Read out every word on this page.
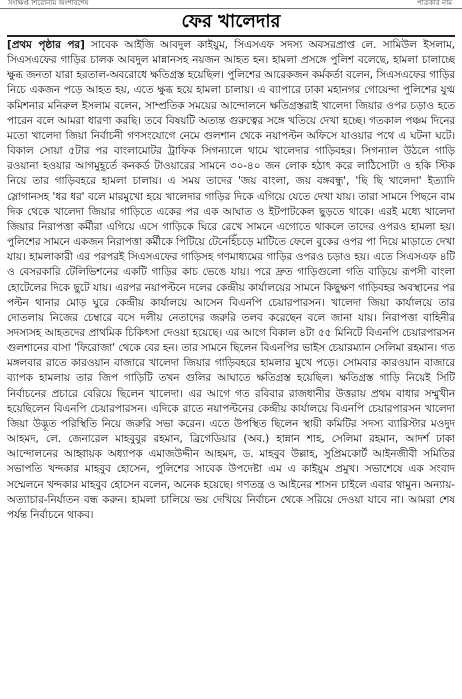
সংক্ষিপ্ত শিরোনাম অংশবিশেষ	পত্রিকার নাম
ফের খালেদার

[প্রথম পৃষ্ঠার পর] সাবেক আইজি আবদুল কাইয়ুম, সিএসএফ সদস্য অবসরপ্রাপ্ত লে. সামিউল ইসলাম, সিএসএফের গাড়ির চালক আবদুল মান্নানসহ নয়জন আহত হন। হামলা প্রসঙ্গে পুলিশ বলেছে, হামলা চালাচ্ছে ক্ষুব্ধ জনতা যারা হরতাল-অবরোধে ক্ষতিগ্রস্ত হয়েছিল। পুলিশের আরেকজন কর্মকর্তা বলেন, সিএসএফের গাড়ির নিচে একজন পড়ে আহত হয়, এতে ক্ষুব্ধ হয়ে হামলা চালায়। এ ব্যাপারে ঢাকা মহানগর গোয়েন্দা পুলিশের যুগ্ম কমিশনার মনিরুল ইসলাম বলেন, সাম্প্রতিক সময়ের আন্দোলনে ক্ষতিগ্রস্তরাই খালেদা জিয়ার ওপর চড়াও হতে পারেন বলে আমরা ধারণা করছি। তবে বিষয়টি অত্যন্ত গুরুত্বের সঙ্গে খতিয়ে দেখা হচ্ছে। গতকাল পঞ্চম দিনের মতো খালেদা জিয়া নির্বাচনী গণসংযোগে নেমে গুলশান থেকে নয়াপল্টন অফিসে যাওয়ার পথে এ ঘটনা ঘটে। বিকাল সোয়া ৫টার পর বাংলামোটর ট্রাফিক সিগন্যালে থামে খালেদার গাড়িবহর। সিগন্যাল উঠলে গাড়ি রওয়ানা হওয়ার আগমুহূর্তে কনকর্ড টাওয়ারের সামনে ৩০-৪০ জন লোক হঠাৎ করে লাঠিসোটা ও হকি স্টিক নিয়ে তার গাড়িবহরে হামলা চালায়। এ সময় তাদের 'জয় বাংলা, জয় বঙ্গবন্ধু', 'ছি ছি খালেদা' ইত্যাদি স্লোগানসহ 'ধর ধর' বলে মারমুখো হয়ে খালেদার গাড়ির দিকে এগিয়ে যেতে দেখা যায়। তারা সামনে পিছনে বাম দিক থেকে খালেদা জিয়ার গাড়িতে একের পর এক আঘাত ও ইটপাটকেল ছুড়তে থাকে। এরই মধ্যে খালেদা জিয়ার নিরাপত্তা কর্মীরা এগিয়ে এসে গাড়িকে ঘিরে রেখে সামনে এগোতে থাকলে তাদের ওপরও হামলা হয়। পুলিশের সামনে একজন নিরাপত্তা কর্মীকে পিটিয়ে টেনেহিঁচড়ে মাটিতে ফেলে বুকের ওপর পা দিয়ে মাড়াতে দেখা যায়। হামলাকারী এর পরপরই সিএসএফের গাড়িসহ গণমাধ্যমের গাড়ির ওপরও চড়াও হয়। এতে সিএসএফ ৪টি ও বেসরকারি টেলিভিশনের একটি গাড়ির কাচ ভেঙে যায়। পরে দ্রুত গাড়িগুলো গতি বাড়িয়ে রূপসী বাংলা হোটেলের দিকে ছুটে যায়। এরপর নয়াপল্টনে দলের কেন্দ্রীয় কার্যালয়ের সামনে কিছুক্ষণ গাড়িবহর অবস্থানের পর পল্টন থানার মোড় ঘুরে কেন্দ্রীয় কার্যালয়ে আসেন বিএনপি চেয়ারপারসন। খালেদা জিয়া কার্যালয়ে তার দোতলায় নিজের চেম্বারে বসে দলীয় নেতাদের জরুরি তলব করেছেন বলে জানা যায়। নিরাপত্তা বাহিনীর সদস্যসহ আহতদের প্রাথমিক চিকিৎসা দেওয়া হয়েছে। এর আগে বিকাল ৪টা ৫৫ মিনিটে বিএনপি চেয়ারপারসন গুলশানের বাসা 'ফিরোজা' থেকে বের হন। তার সামনে ছিলেন বিএনপির ভাইস চেয়ারম্যান সেলিমা রহমান। গত মঙ্গলবার রাতে কারওয়ান বাজারে খালেদা জিয়ার গাড়িবহরে হামলার মুখে পড়ে। সোমবার কারওয়ান বাজারে ব্যাপক হামলায় তার জিপ গাড়িটি তখন গুলির আঘাতে ক্ষতিগ্রস্ত হয়েছিল। ক্ষতিগ্রস্ত গাড়ি নিয়েই সিটি নির্বাচনের প্রচারে বেরিয়ে ছিলেন খালেদা। এর আগে গত রবিবার রাজধানীর উত্তরায় প্রথম বাধার সম্মুখীন হয়েছিলেন বিএনপি চেয়ারপারসন। এদিকে রাতে নয়াপল্টনের কেন্দ্রীয় কার্যালয়ে বিএনপি চেয়ারপারসন খালেদা জিয়া উদ্ভূত পরিস্থিতি নিয়ে জরুরি সভা করেন। এতে উপস্থিত ছিলেন স্থায়ী কমিটির সদস্য ব্যারিস্টার মওদুদ আহমদ, লে. জেনারেল মাহবুবুর রহমান, ব্রিগেডিয়ার (অব.) হান্নান শাহ, সেলিমা রহমান, আদর্শ ঢাকা আন্দোলনের আহ্বায়ক অধ্যাপক এমাজউদ্দীন আহমদ, ড. মাহবুব উল্লাহ, সুপ্রিমকোর্ট আইনজীবী সমিতির সভাপতি খন্দকার মাহবুব হোসেন, পুলিশের সাবেক উপদেষ্টা এম এ কাইয়ুম প্রমুখ। সভাশেষে এক সংবাদ সম্মেলনে খন্দকার মাহবুব হোসেন বলেন, অনেক হয়েছে। গণতন্ত্র ও আইনের শাসন চাইলে এবার থামুন। অন্যায়-অত্যাচার-নির্যাতন বন্ধ করুন। হামলা চালিয়ে ভয় দেখিয়ে নির্বাচন থেকে সরিয়ে দেওয়া যাবে না। আমরা শেষ পর্যন্ত নির্বাচনে থাকব।
